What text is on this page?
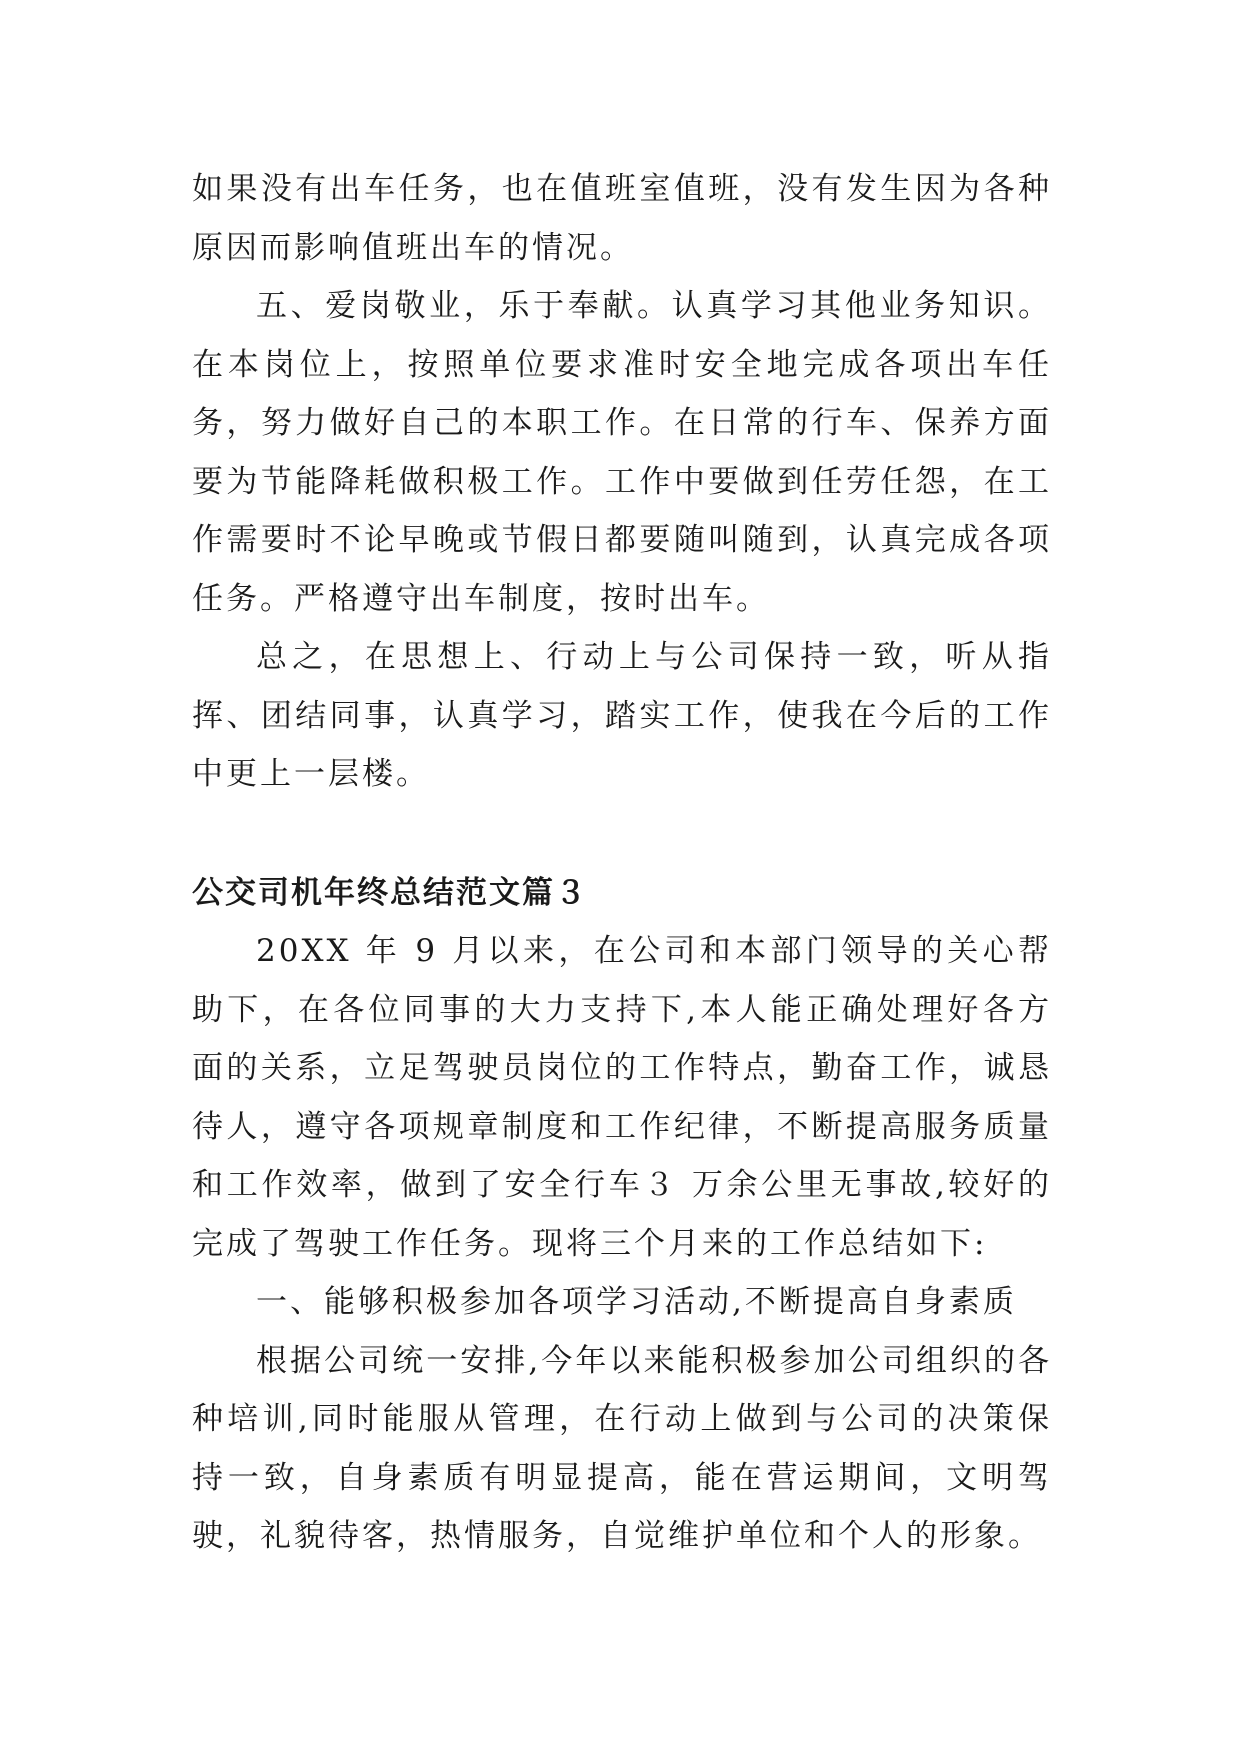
如果没有出车任务，也在值班室值班，没有发生因为各种原因而影响值班出车的情况。

五、爱岗敬业，乐于奉献。认真学习其他业务知识。在本岗位上，按照单位要求准时安全地完成各项出车任务，努力做好自己的本职工作。在日常的行车、保养方面要为节能降耗做积极工作。工作中要做到任劳任怨，在工作需要时不论早晚或节假日都要随叫随到，认真完成各项任务。严格遵守出车制度，按时出车。

总之，在思想上、行动上与公司保持一致，听从指挥、团结同事，认真学习，踏实工作，使我在今后的工作中更上一层楼。

公交司机年终总结范文篇３

20XX 年 9 月以来，在公司和本部门领导的关心帮助下，在各位同事的大力支持下,本人能正确处理好各方面的关系，立足驾驶员岗位的工作特点，勤奋工作，诚恳待人，遵守各项规章制度和工作纪律，不断提高服务质量和工作效率，做到了安全行车３ 万余公里无事故,较好的完成了驾驶工作任务。现将三个月来的工作总结如下:

一、能够积极参加各项学习活动,不断提高自身素质

根据公司统一安排,今年以来能积极参加公司组织的各种培训,同时能服从管理，在行动上做到与公司的决策保持一致，自身素质有明显提高，能在营运期间，文明驾驶，礼貌待客，热情服务，自觉维护单位和个人的形象。
